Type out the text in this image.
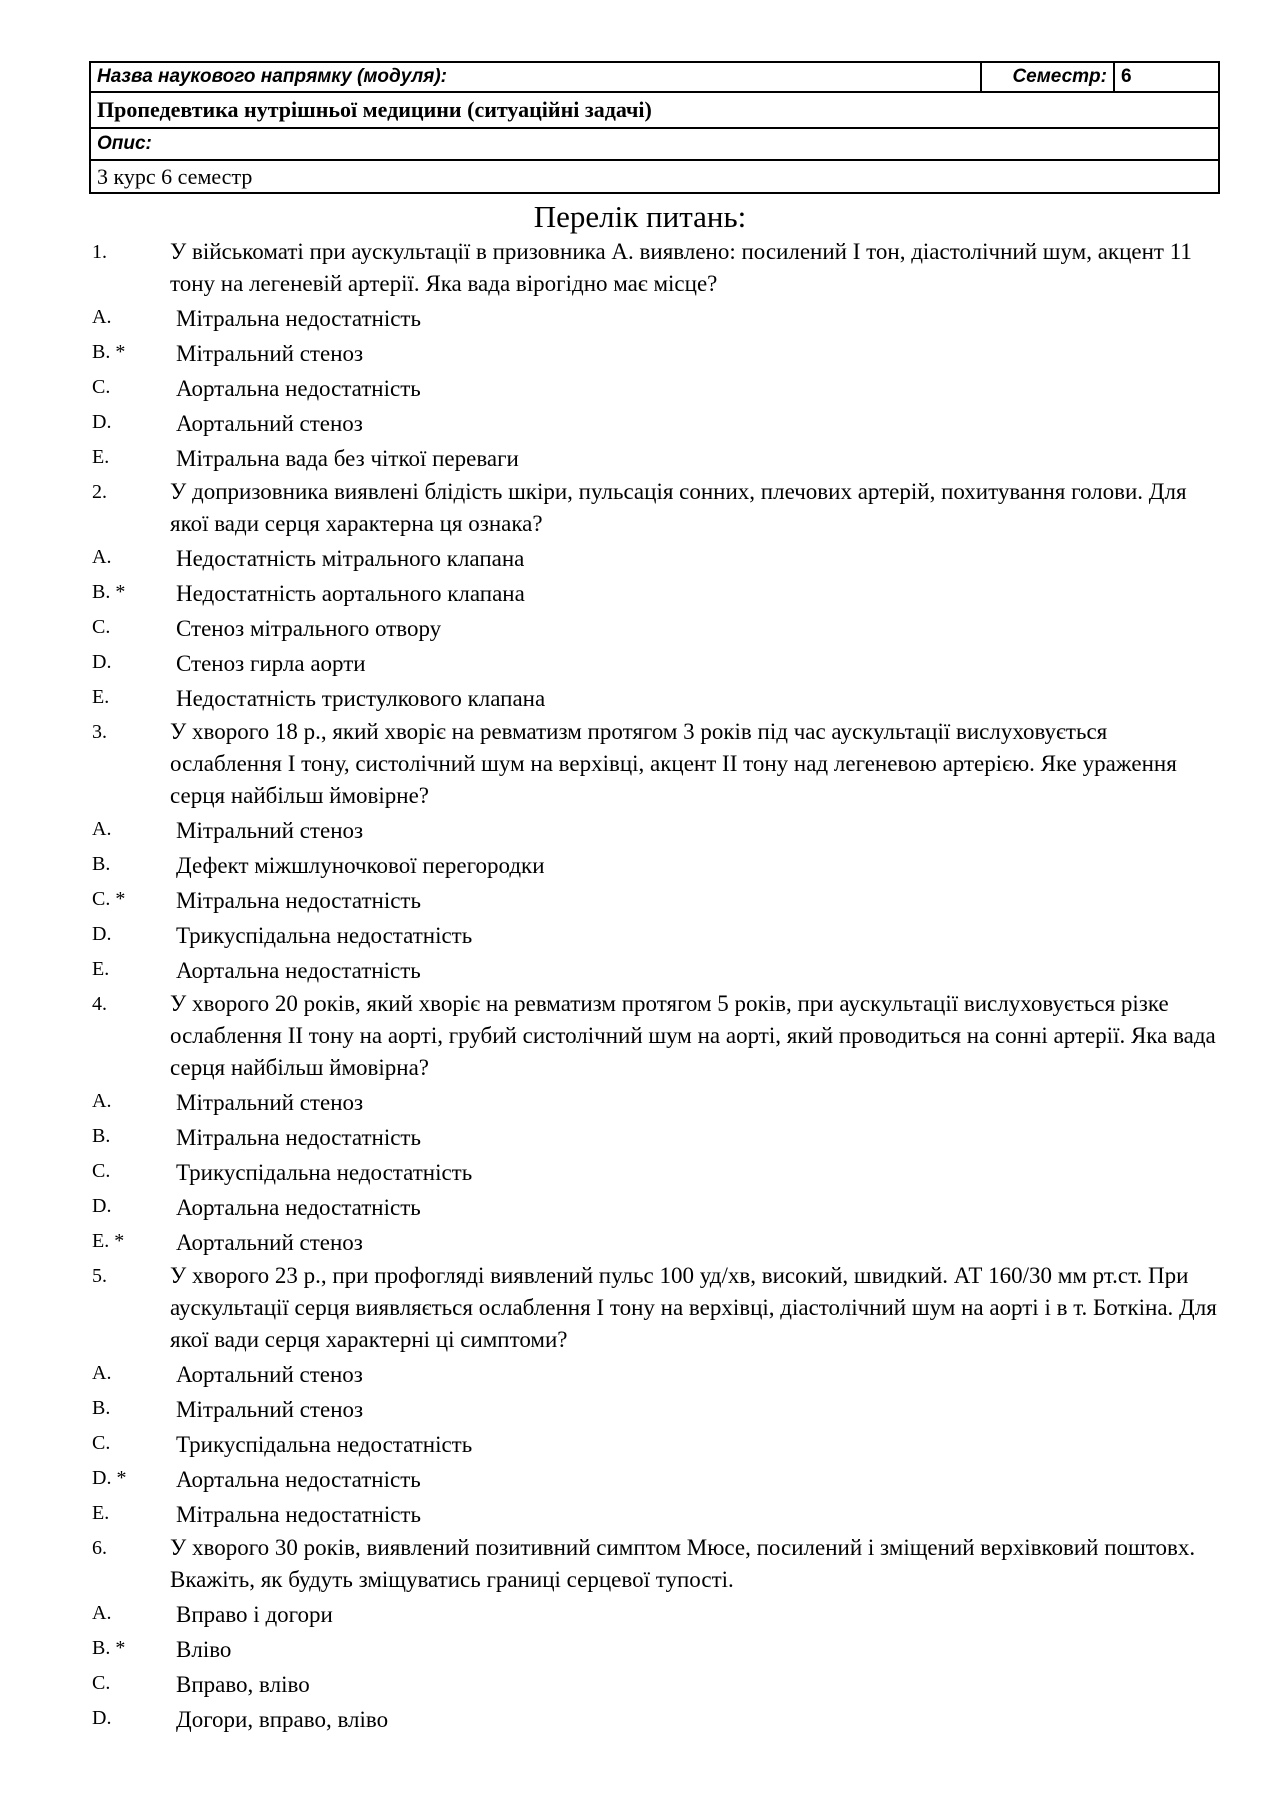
Назва наукового напрямку (модуля):	Семестр:	6
Пропедевтика нутрішньої медицини (ситуаційні задачі)
Опис:
3 курс 6 семестр
Перелік питань:
1.	У військоматі при аускультації в призовника А. виявлено: посилений І тон, діастолічний шум, акцент 11 тону на легеневій артерії. Яка вада вірогідно має місце?
A.	Мітральна недостатність
B. * Мітральний стеноз
C.	Аортальна недостатність
D.	Аортальний стеноз
E.	Мітральна вада без чіткої переваги
2.	У допризовника виявлені блідість шкіри, пульсація сонних, плечових артерій, похитування голови. Для якої вади серця характерна ця ознака?
A.	Недостатність мітрального клапана
B. * Недостатність аортального клапана
C.	Стеноз мітрального отвору
D.	Стеноз гирла аорти
E.	Недостатність тристулкового клапана
3.	У хворого 18 р., який хворіє на ревматизм протягом 3 років під час аускультації вислуховується ослаблення І тону, систолічний шум на верхівці, акцент ІІ тону над легеневою артерією. Яке ураження серця найбільш ймовірне?
A.	Мітральний стеноз
B.	Дефект міжшлуночкової перегородки
C. * Мітральна недостатність
D.	Трикуспідальна недостатність
E.	Аортальна недостатність
4.	У хворого 20 років, який хворіє на ревматизм протягом 5 років, при аускультації вислуховується різке ослаблення ІІ тону на аорті, грубий систолічний шум на аорті, який проводиться на сонні артерії. Яка вада серця найбільш ймовірна?
A.	Мітральний стеноз
B.	Мітральна недостатність
C.	Трикуспідальна недостатність
D.	Аортальна недостатність
E. * Аортальний стеноз
5.	У хворого 23 р., при профогляді виявлений пульс 100 уд/хв, високий, швидкий. АТ 160/30 мм рт.ст. При аускультації серця виявляється ослаблення І тону на верхівці, діастолічний шум на аорті і в т. Боткіна. Для якої вади серця характерні ці симптоми?
A.	Аортальний стеноз
B.	Мітральний стеноз
C.	Трикуспідальна недостатність
D. * Аортальна недостатність
E.	Мітральна недостатність
6.	У хворого 30 років, виявлений позитивний симптом Мюсе, посилений і зміщений верхівковий поштовх. Вкажіть, як будуть зміщуватись границі серцевої тупості.
A.	Вправо і догори
B. * Вліво
C.	Вправо, вліво
D.	Догори, вправо, вліво
